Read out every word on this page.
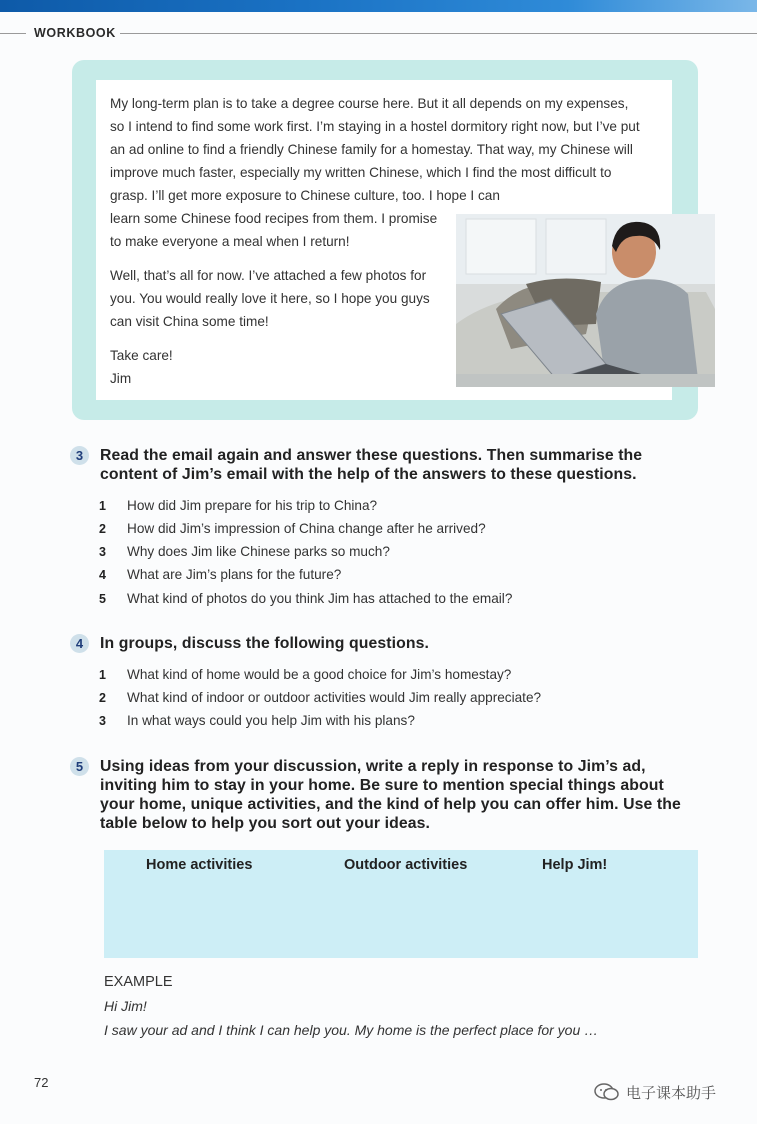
WORKBOOK

My long-term plan is to take a degree course here. But it all depends on my expenses, so I intend to find some work first. I’m staying in a hostel dormitory right now, but I’ve put an ad online to find a friendly Chinese family for a homestay. That way, my Chinese will improve much faster, especially my written Chinese, which I find the most difficult to grasp. I’ll get more exposure to Chinese culture, too. I hope I can

learn some Chinese food recipes from them. I promise to make everyone a meal when I return!

Well, that’s all for now. I’ve attached a few photos for you. You would really love it here, so I hope you guys can visit China some time!

Take care!
Jim
3	Read the email again and answer these questions. Then summarise the content of Jim’s email with the help of the answers to these questions.

1 How did Jim prepare for his trip to China?
2 How did Jim’s impression of China change after he arrived?
3 Why does Jim like Chinese parks so much?
4 What are Jim’s plans for the future?
5 What kind of photos do you think Jim has attached to the email?
4	In groups, discuss the following questions.

1 What kind of home would be a good choice for Jim’s homestay?
2 What kind of indoor or outdoor activities would Jim really appreciate?
3 In what ways could you help Jim with his plans?
5	Using ideas from your discussion, write a reply in response to Jim’s ad, inviting him to stay in your home. Be sure to mention special things about your home, unique activities, and the kind of help you can offer him. Use the table below to help you sort out your ideas.

Home activities	Outdoor activities	Help Jim!
EXAMPLE
Hi Jim!
I saw your ad and I think I can help you. My home is the perfect place for you …
72
电子课本助手
